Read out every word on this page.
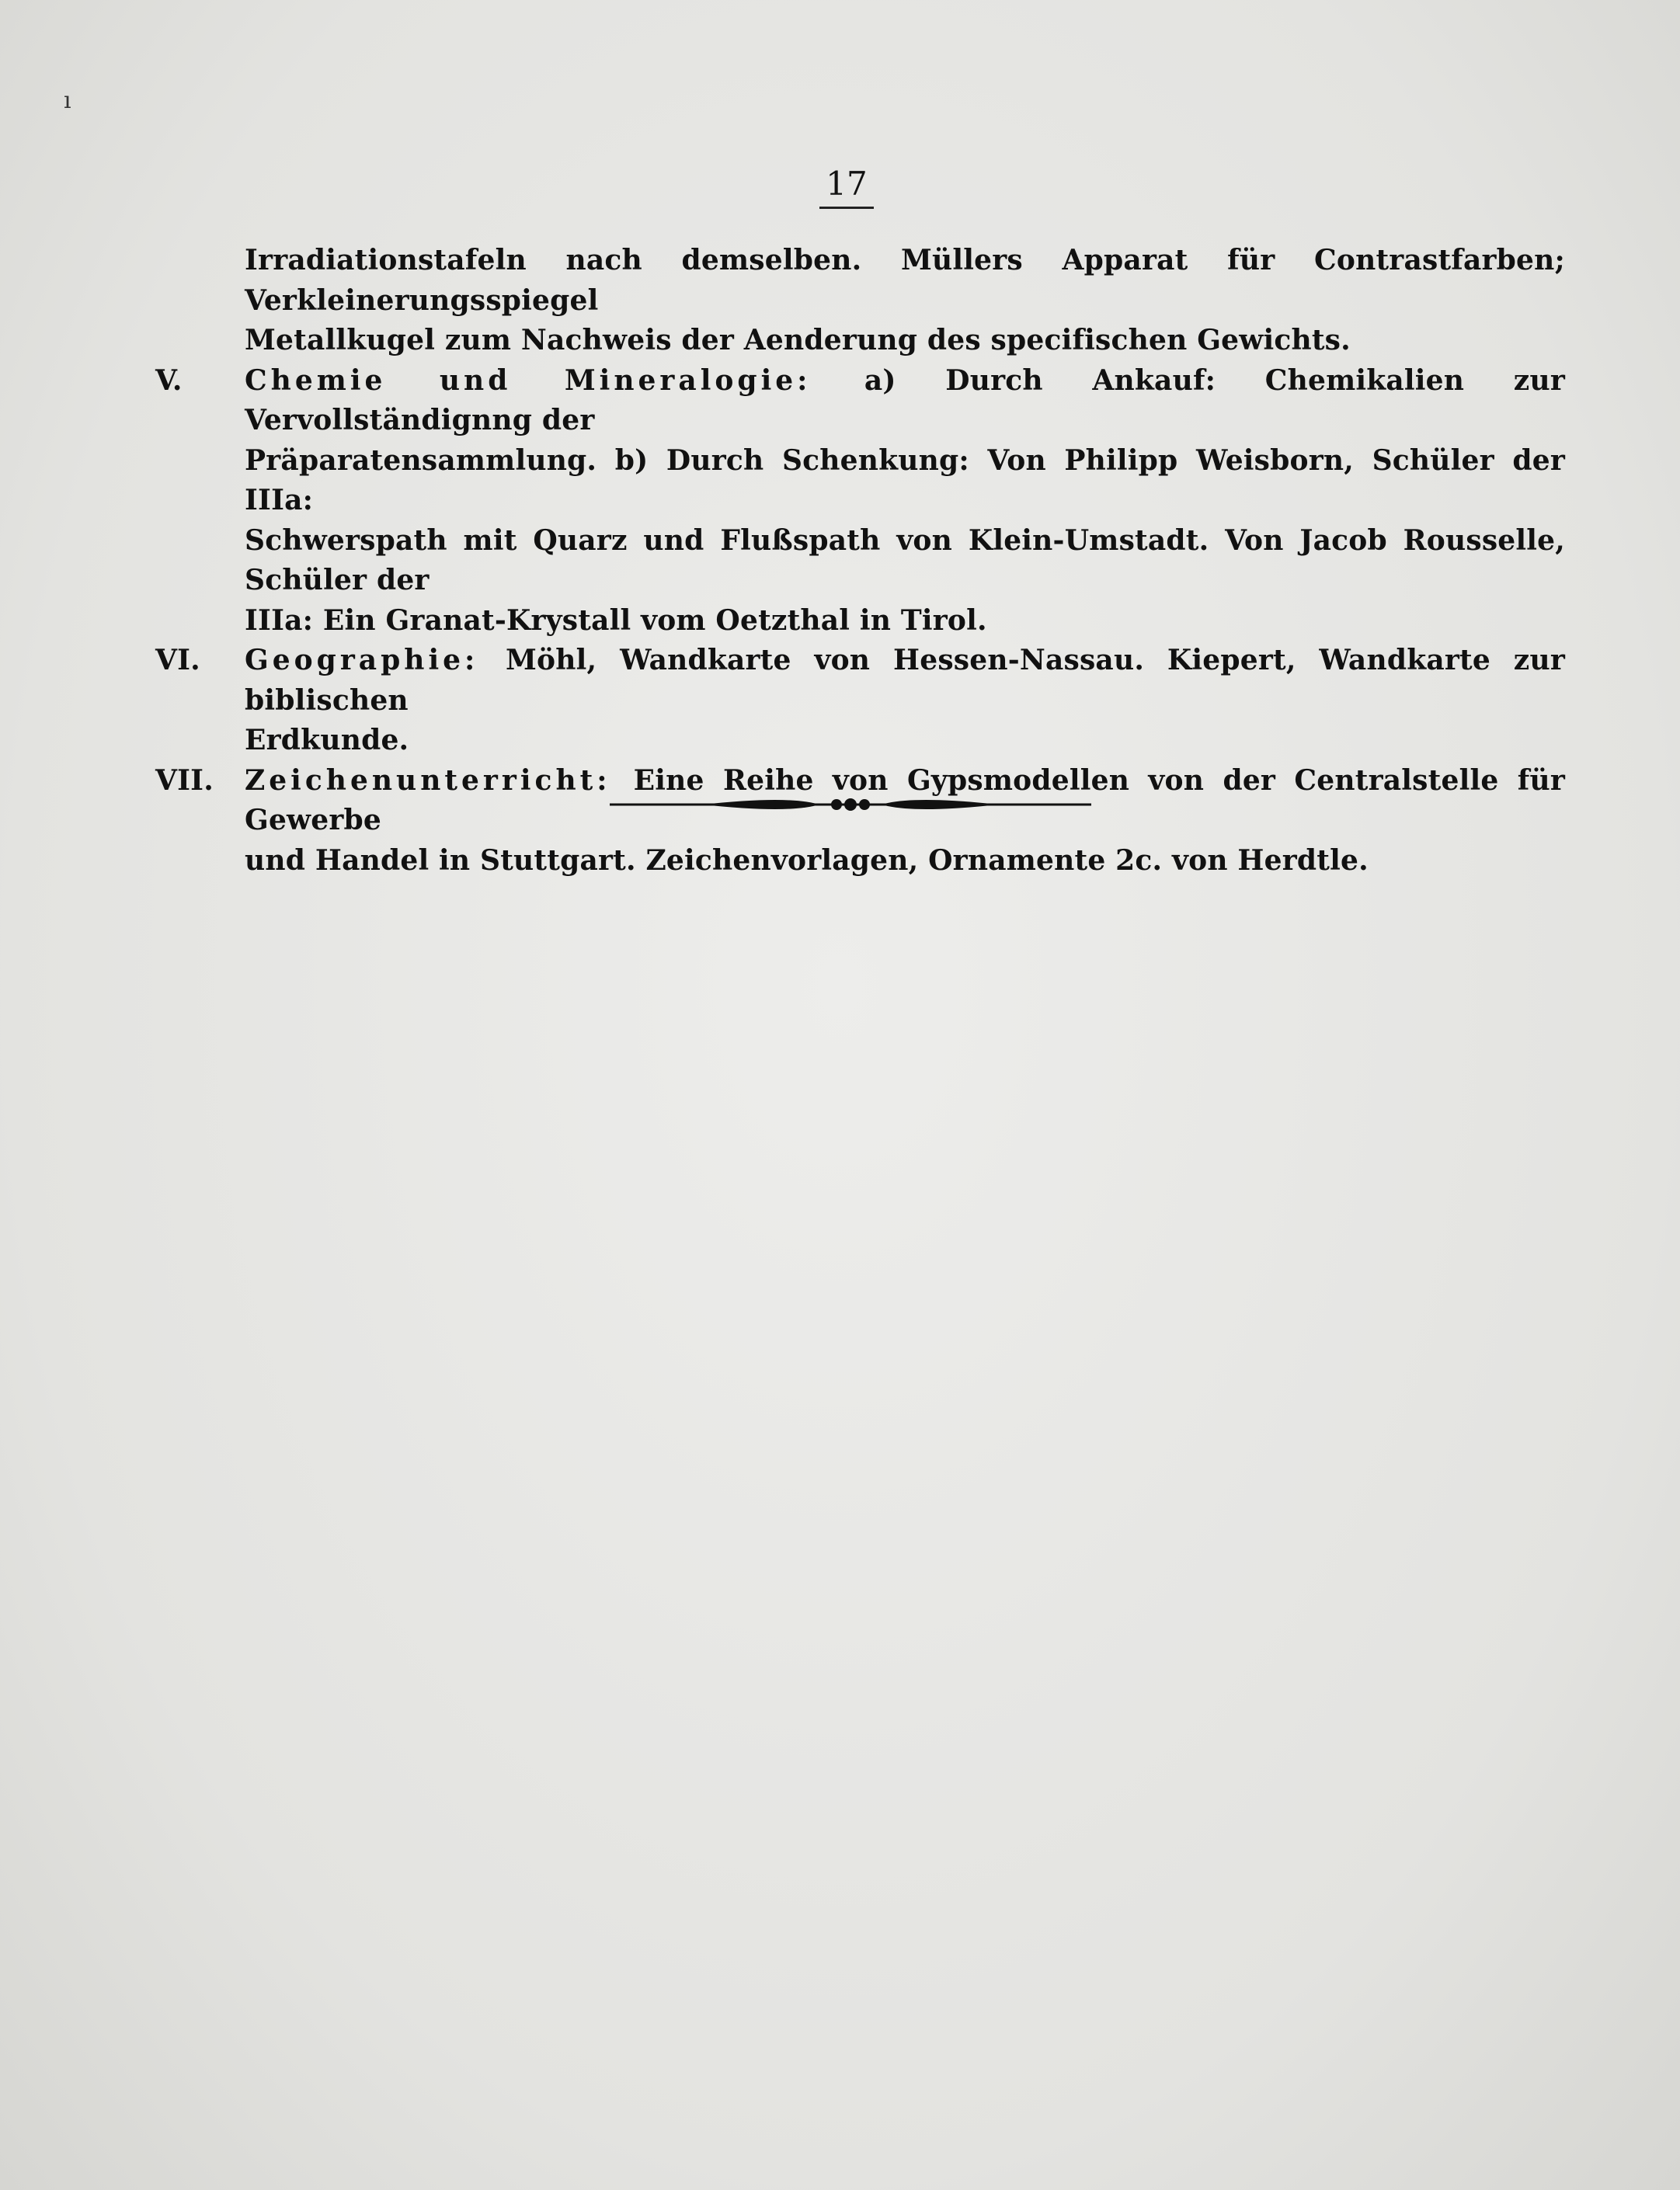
ı
17
Irradiationstafeln nach demselben. Müllers Apparat für Contrastfarben; Verkleinerungsspiegel
Metallkugel zum Nachweis der Aenderung des specifischen Gewichts.
V.	Chemie und Mineralogie: a) Durch Ankauf: Chemikalien zur Vervollständignng der
Präparatensammlung. b) Durch Schenkung: Von Philipp Weisborn, Schüler der IIIa:
Schwerspath mit Quarz und Flußspath von Klein-Umstadt. Von Jacob Rousselle, Schüler der
IIIa: Ein Granat-Krystall vom Oetzthal in Tirol.
VI.	Geographie: Möhl, Wandkarte von Hessen-Nassau. Kiepert, Wandkarte zur biblischen
Erdkunde.
VII.	Zeichenunterricht: Eine Reihe von Gypsmodellen von der Centralstelle für Gewerbe
und Handel in Stuttgart. Zeichenvorlagen, Ornamente 2c. von Herdtle.
